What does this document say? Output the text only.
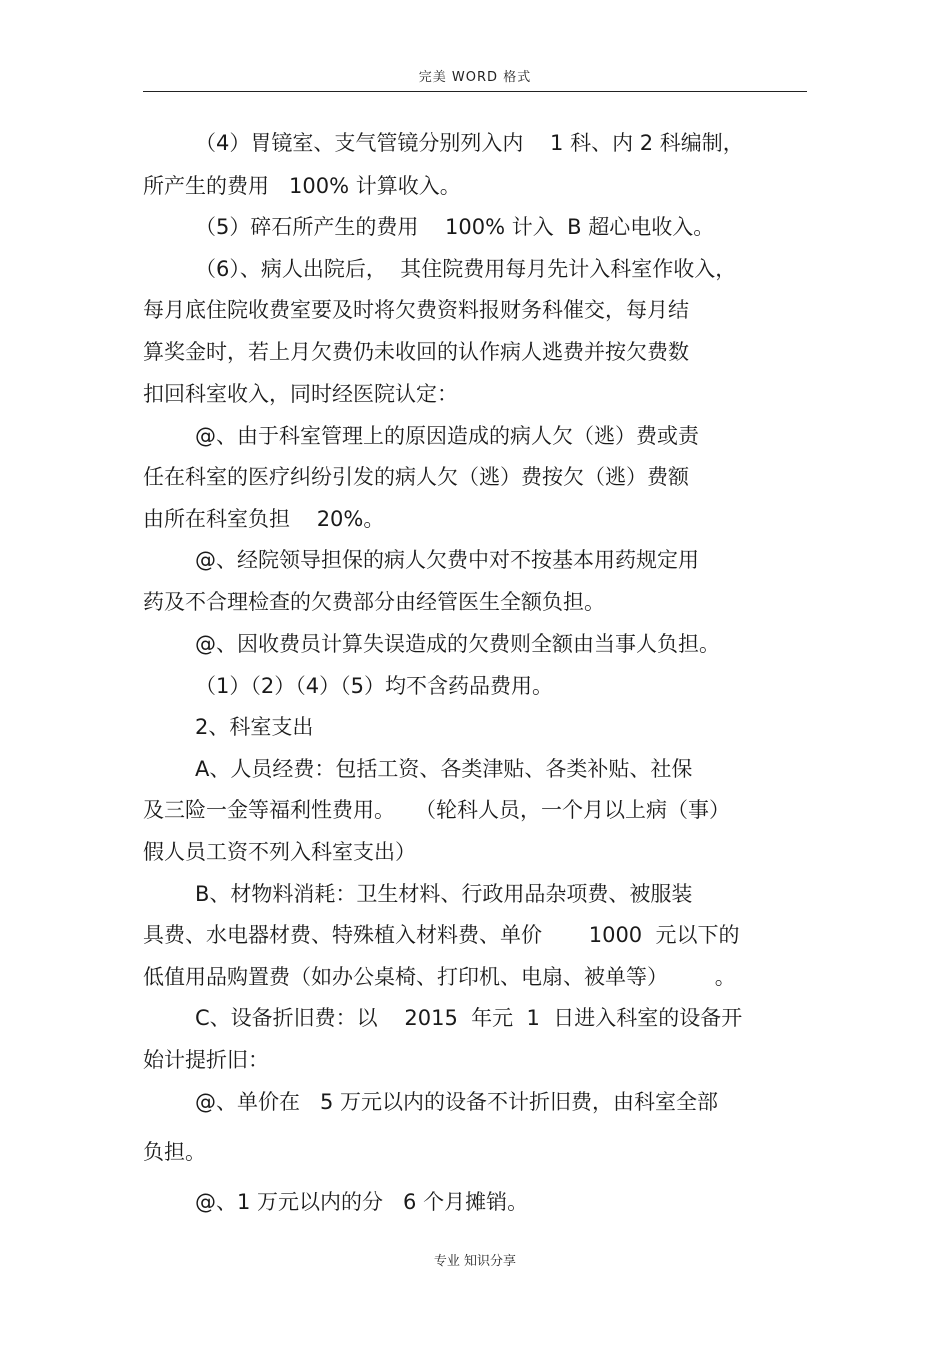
完美 WORD 格式
（4）胃镜室、支气管镜分别列入内    1 科、内 2 科编制，
所产生的费用   100% 计算收入。
（5）碎石所产生的费用    100% 计入  B 超心电收入。
（6）、病人出院后，  其住院费用每月先计入科室作收入，
每月底住院收费室要及时将欠费资料报财务科催交，每月结
算奖金时，若上月欠费仍未收回的认作病人逃费并按欠费数
扣回科室收入，同时经医院认定：
@、由于科室管理上的原因造成的病人欠（逃）费或责
任在科室的医疗纠纷引发的病人欠（逃）费按欠（逃）费额
由所在科室负担    20%。
@、经院领导担保的病人欠费中对不按基本用药规定用
药及不合理检查的欠费部分由经管医生全额负担。
@、因收费员计算失误造成的欠费则全额由当事人负担。
（1）（2）（4）（5）均不含药品费用。
2、科室支出
A、人员经费：包括工资、各类津贴、各类补贴、社保
及三险一金等福利性费用。   （轮科人员，一个月以上病（事）
假人员工资不列入科室支出）
B、材物料消耗：卫生材料、行政用品杂项费、被服装
具费、水电器材费、特殊植入材料费、单价       1000  元以下的
低值用品购置费（如办公桌椅、打印机、电扇、被单等）       。
C、设备折旧费：以    2015  年元  1  日进入科室的设备开
始计提折旧：
@、单价在   5 万元以内的设备不计折旧费，由科室全部
负担。
@、1 万元以内的分   6 个月摊销。
专业 知识分享
